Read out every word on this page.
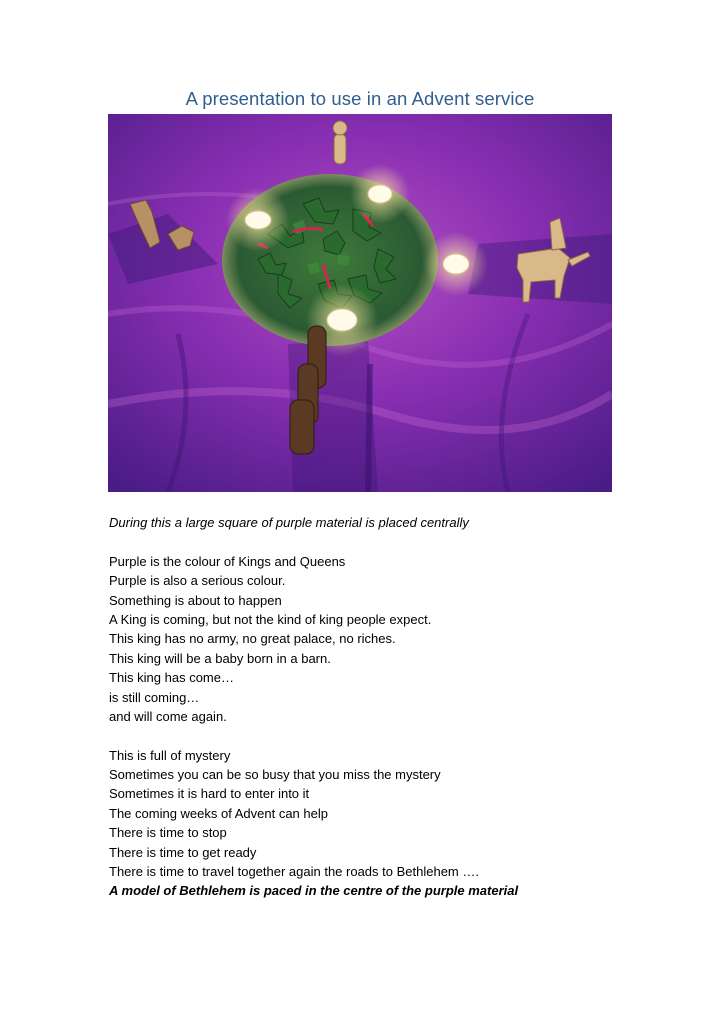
A presentation to use in an Advent service
During this a large square of purple material is placed centrally
Purple is the colour of Kings and Queens
Purple is also a serious colour.
Something is about to happen
A King is coming, but not the kind of king people expect.
This king has no army, no great palace, no riches.
This king will be a baby born in a barn.
This king has come…
is still coming…
and will come again.
This is full of mystery
Sometimes you can be so busy that you miss the mystery
Sometimes it is hard to enter into it
The coming weeks of Advent can help
There is time to stop
There is time to get ready
There is time to travel together again the roads to Bethlehem ….
A model of Bethlehem is paced in the centre of the purple material
